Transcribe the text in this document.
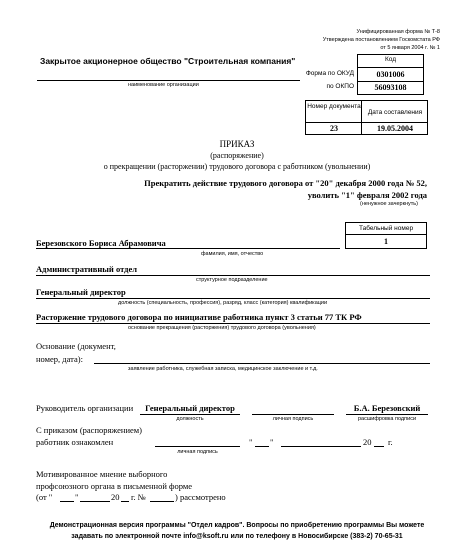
Унифицированная форма № Т-8
Утверждена постановлением Госкомстата РФ
от 5 января 2004 г. № 1
Закрытое акционерное общество "Строительная компания"
наименование организации
Код
0301006
56093108
Форма по ОКУД
по ОКПО
Номер документа
Дата составления
23	19.05.2004
ПРИКАЗ
(распоряжение)
о прекращении (расторжении) трудового договора с работником (увольнении)
Прекратить действие трудового договора от "20" декабря 2000 года № 52,
уволить "1" февраля 2002 года
(ненужное зачеркнуть)
Табельный номер
1
Березовского Бориса Абрамовича
фамилия, имя, отчество
Административный отдел
структурное подразделение
Генеральный директор
должность (специальность, профессия), разряд, класс (категория) квалификации
Расторжение трудового договора по инициативе работника пункт 3 статьи 77 ТК РФ
основание прекращения (расторжения) трудового договора (увольнения)
Основание (документ,
номер, дата):
заявление работника, служебная записка, медицинское заключение и т.д.
Руководитель организации	Генеральный директор
должность	личная подпись
Б.А. Березовский
расшифровка подписи
С приказом (распоряжением)
работник ознакомлен
личная подпись
" "	20 г.
Мотивированное мнение выборного
профсоюзного органа в письменной форме
(от "	"	20 г. №	) рассмотрено
Демонстрационная версия программы "Отдел кадров". Вопросы по приобретению программы Вы можете
задавать по электронной почте info@ksoft.ru или по телефону в Новосибирске (383-2) 70-65-31
